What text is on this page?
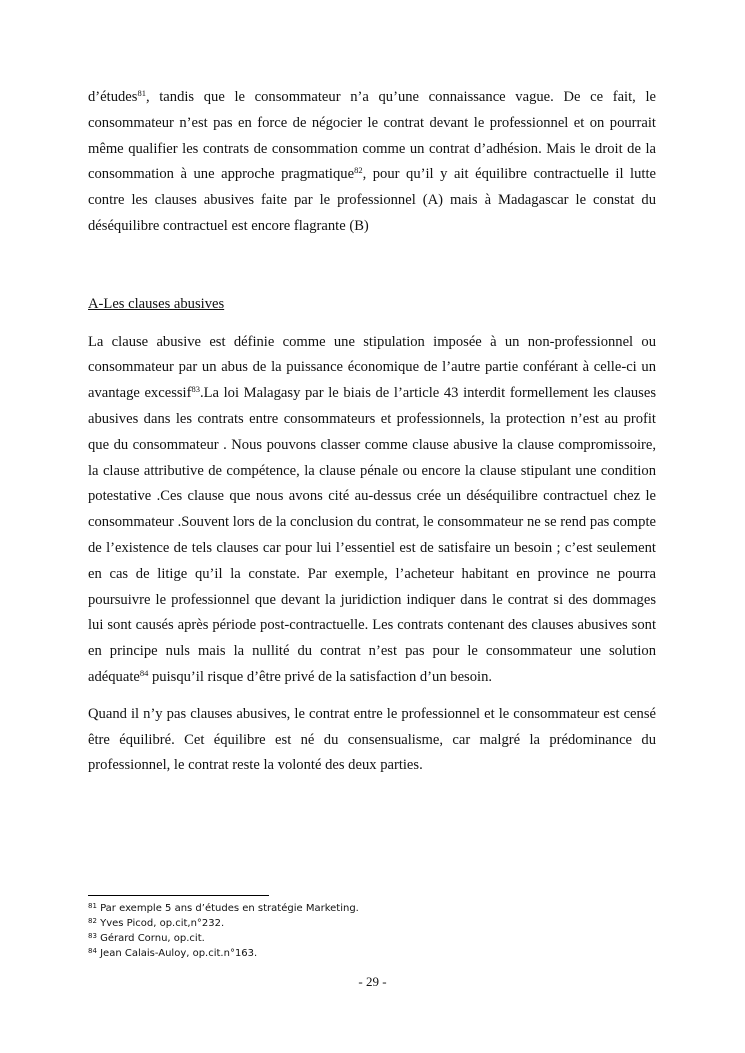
d’études$^{81}$, tandis que le consommateur n’a qu’une connaissance vague. De ce fait, le consommateur n’est pas en force de négocier le contrat devant le professionnel et on pourrait même qualifier les contrats de consommation comme un contrat d’adhésion. Mais le droit de la consommation à une approche pragmatique$^{82}$, pour qu’il y ait équilibre contractuelle il lutte contre les clauses abusives faite par le professionnel (A) mais à Madagascar le constat du déséquilibre contractuel est encore flagrante (B)

A-Les clauses abusives

La clause abusive est définie comme une stipulation imposée à un non-professionnel ou consommateur par un abus de la puissance économique de l’autre partie conférant à celle-ci un avantage excessif$^{83}$.La loi Malagasy par le biais de l’article 43 interdit formellement les clauses abusives dans les contrats entre consommateurs et professionnels, la protection n’est au profit que du consommateur . Nous pouvons classer comme clause abusive la clause compromissoire, la clause attributive de compétence, la clause pénale ou encore la clause stipulant une condition potestative .Ces clause que nous avons cité au-dessus crée un déséquilibre contractuel chez le consommateur .Souvent lors de la conclusion du contrat, le consommateur ne se rend pas compte de l’existence de tels clauses car pour lui l’essentiel est de satisfaire un besoin ; c’est seulement en cas de litige qu’il la constate. Par exemple, l’acheteur habitant en province ne pourra poursuivre le professionnel que devant la juridiction indiquer dans le contrat si des dommages lui sont causés après période post-contractuelle. Les contrats contenant des clauses abusives sont en principe nuls mais la nullité du contrat n’est pas pour le consommateur une solution adéquate$^{84}$ puisqu’il risque d’être privé de la satisfaction d’un besoin.

Quand il n’y pas clauses abusives, le contrat entre le professionnel et le consommateur est censé être équilibré. Cet équilibre est né du consensualisme, car malgré la prédominance du professionnel, le contrat reste la volonté des deux parties.

$^{81}$ Par exemple 5 ans d’études en stratégie Marketing.
$^{82}$ Yves Picod, op.cit,n°232.
$^{83}$ Gérard Cornu, op.cit.
$^{84}$ Jean Calais-Auloy, op.cit.n°163.
- 29 -
